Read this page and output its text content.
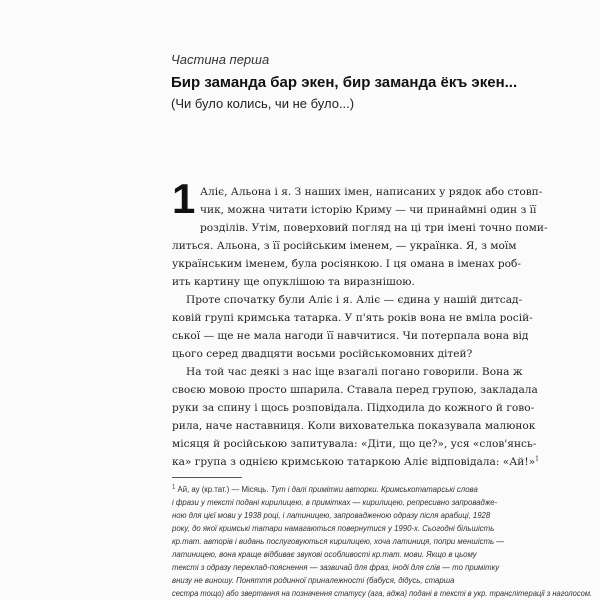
Частина перша
Бир заманда бар экен, бир заманда ёкъ экен...
(Чи було колись, чи не було...)
1 Аліє, Альона і я. З наших імен, написаних у рядок або стовп-
чик, можна читати історію Криму — чи принаймні один з її
розділів. Утім, поверховий погляд на ці три імені точно поми-
литься. Альона, з її російським іменем, — українка. Я, з моїм
українським іменем, була росіянкою. І ця омана в іменах роб-
ить картину ще опуклішою та виразнішою.
Проте спочатку були Аліє і я. Аліє — єдина у нашій дитсад-
ковій групі кримська татарка. У п'ять років вона не вміла росій-
ської — ще не мала нагоди її навчитися. Чи потерпала вона від
цього серед двадцяти восьми російськомовних дітей?
На той час деякі з нас іще взагалі погано говорили. Вона ж
своєю мовою просто шпарила. Ставала перед групою, закладала
руки за спину і щось розповідала. Підходила до кожного й гово-
рила, наче наставниця. Коли вихователька показувала малюнок
місяця й російською запитувала: «Діти, що це?», уся «слов'янсь-
ка» група з однією кримською татаркою Аліє відповідала: «Ай!»$^1$
$^1$ Ай, ау (кр.тат.) — Місяць. Тут і далі примітки авторки. Кримськотатарські слова
і фрази у тексті подані кирилицею, в примітках — кирилицею, репресивно запровадже-
ною для цієї мови у 1938 році, і латиницею, запровадженою одразу після арабиці, 1928
року, до якої кримські татари намагаються повернутися у 1990-х. Сьогодні більшість
кр.тат. авторів і видань послуговуються кирилицею, хоча латиниця, попри меншість —
латиницею, вона краще відбиває звукові особливості кр.тат. мови. Якщо в цьому
тексті з одразу переклад-пояснення — зазвичай для фраз, іноді для слів — то примітку
внизу не виношу. Поняття родинної приналежності (бабуся, дідусь, старша
сестра тощо) або звертання на позначення статусу (ага, аджа) подані в тексті в укр. транслітерації з наголосом.
